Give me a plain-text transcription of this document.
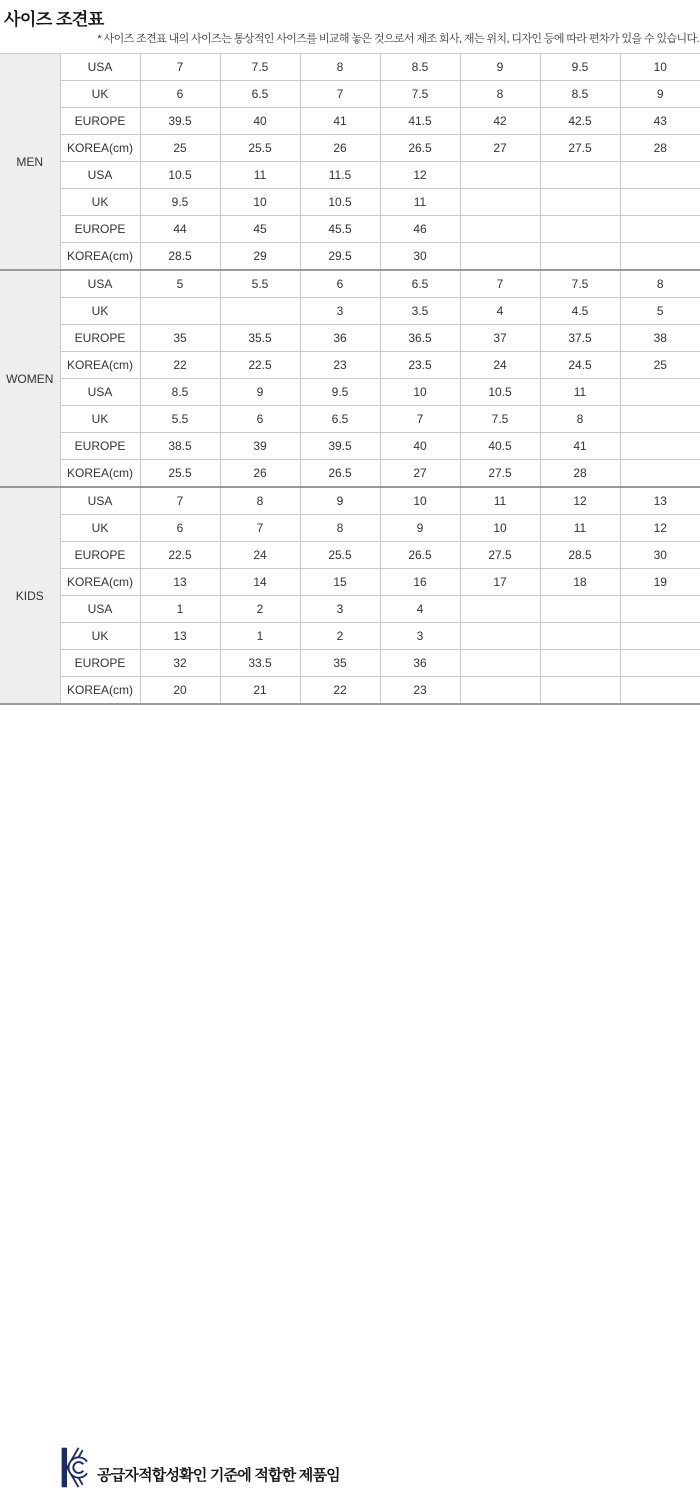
사이즈 조견표
* 사이즈 조견표 내의 사이즈는 통상적인 사이즈를 비교해 놓은 것으로서 제조 회사, 재는 위치, 디자인 등에 따라 편차가 있을 수 있습니다.
MEN	USA	7	7.5	8	8.5	9	9.5	10
	UK	6	6.5	7	7.5	8	8.5	9
	EUROPE	39.5	40	41	41.5	42	42.5	43
	KOREA(cm)	25	25.5	26	26.5	27	27.5	28
	USA	10.5	11	11.5	12			
	UK	9.5	10	10.5	11			
	EUROPE	44	45	45.5	46			
	KOREA(cm)	28.5	29	29.5	30			
WOMEN	USA	5	5.5	6	6.5	7	7.5	8
	UK			3	3.5	4	4.5	5
	EUROPE	35	35.5	36	36.5	37	37.5	38
	KOREA(cm)	22	22.5	23	23.5	24	24.5	25
	USA	8.5	9	9.5	10	10.5	11	
	UK	5.5	6	6.5	7	7.5	8	
	EUROPE	38.5	39	39.5	40	40.5	41	
	KOREA(cm)	25.5	26	26.5	27	27.5	28	
KIDS	USA	7	8	9	10	11	12	13
	UK	6	7	8	9	10	11	12
	EUROPE	22.5	24	25.5	26.5	27.5	28.5	30
	KOREA(cm)	13	14	15	16	17	18	19
	USA	1	2	3	4			
	UK	13	1	2	3			
	EUROPE	32	33.5	35	36			
	KOREA(cm)	20	21	22	23			
공급자적합성확인 기준에 적합한 제품임
